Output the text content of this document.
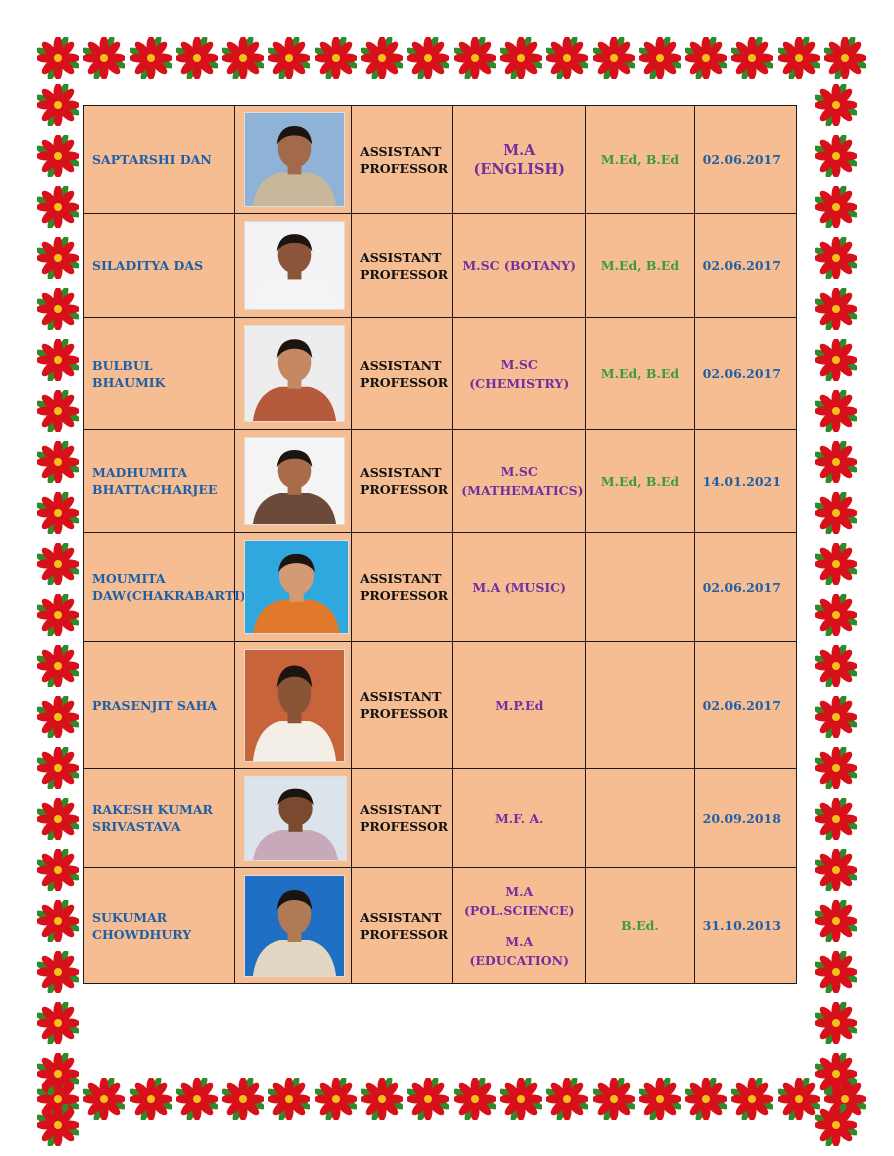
SAPTARSHI DAN		ASSISTANT PROFESSOR	M.A
(ENGLISH)	M.Ed, B.Ed	02.06.2017
SILADITYA DAS		ASSISTANT PROFESSOR	M.SC (BOTANY)	M.Ed, B.Ed	02.06.2017
BULBUL BHAUMIK		ASSISTANT PROFESSOR	M.SC
(CHEMISTRY)	M.Ed, B.Ed	02.06.2017
MADHUMITA BHATTACHARJEE		ASSISTANT PROFESSOR	M.SC
(MATHEMATICS)	M.Ed, B.Ed	14.01.2021
MOUMITA DAW(CHAKRABARTI)		ASSISTANT PROFESSOR	M.A (MUSIC)		02.06.2017
PRASENJIT SAHA		ASSISTANT PROFESSOR	M.P.Ed		02.06.2017
RAKESH KUMAR SRIVASTAVA		ASSISTANT PROFESSOR	M.F. A.		20.09.2018
SUKUMAR CHOWDHURY		ASSISTANT PROFESSOR	M.A
(POL.SCIENCE)
M.A
(EDUCATION)	B.Ed.	31.10.2013
